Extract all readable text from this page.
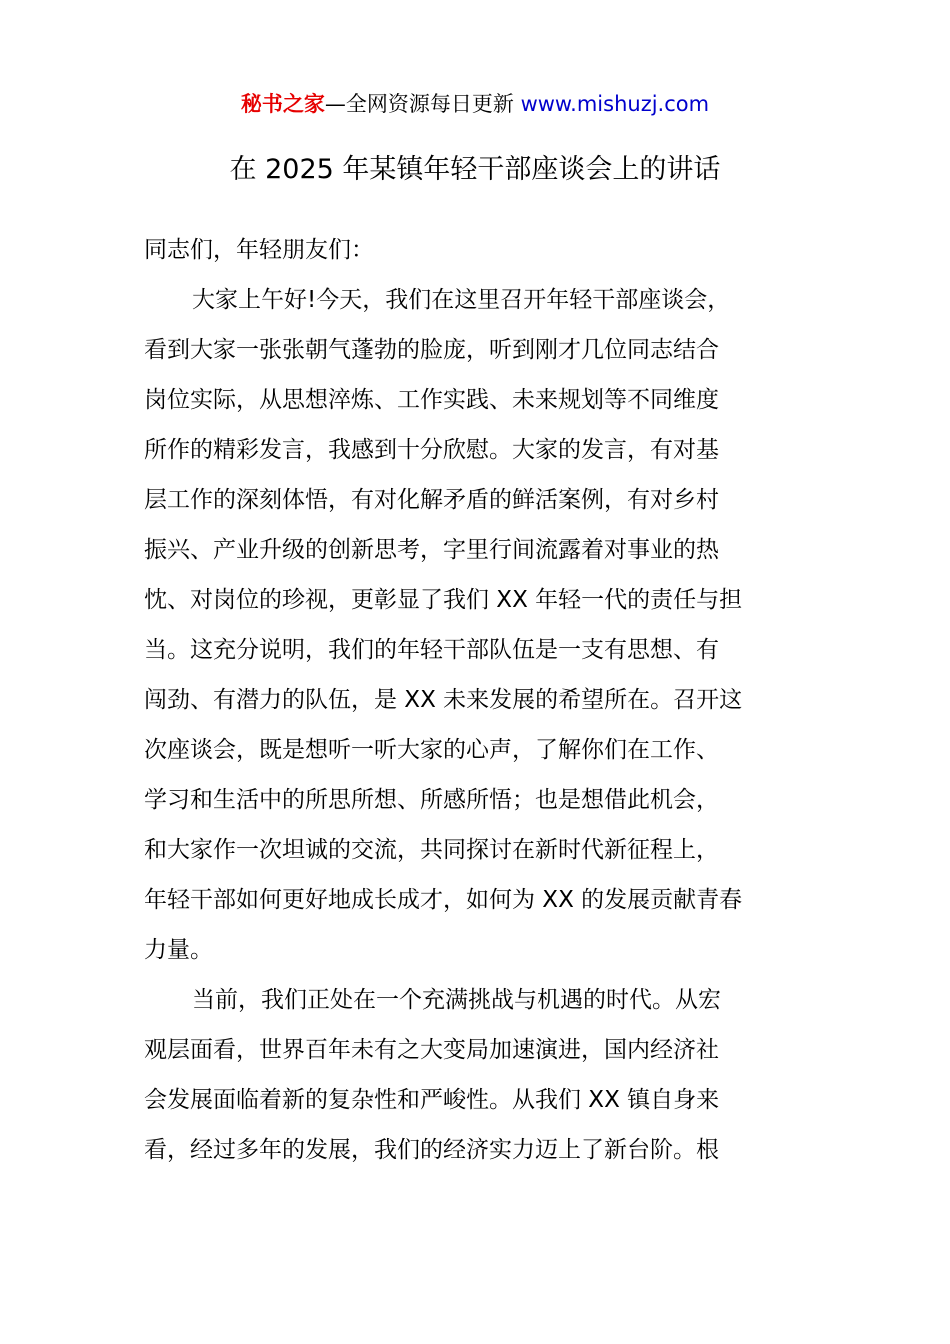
秘书之家—全网资源每日更新 www.mishuzj.com
在 2025 年某镇年轻干部座谈会上的讲话

同志们，年轻朋友们：

大家上午好!今天，我们在这里召开年轻干部座谈会，
看到大家一张张朝气蓬勃的脸庞，听到刚才几位同志结合
岗位实际，从思想淬炼、工作实践、未来规划等不同维度
所作的精彩发言，我感到十分欣慰。大家的发言，有对基
层工作的深刻体悟，有对化解矛盾的鲜活案例，有对乡村
振兴、产业升级的创新思考，字里行间流露着对事业的热
忱、对岗位的珍视，更彰显了我们 XX 年轻一代的责任与担
当。这充分说明，我们的年轻干部队伍是一支有思想、有
闯劲、有潜力的队伍，是 XX 未来发展的希望所在。召开这
次座谈会，既是想听一听大家的心声，了解你们在工作、
学习和生活中的所思所想、所感所悟；也是想借此机会，
和大家作一次坦诚的交流，共同探讨在新时代新征程上，
年轻干部如何更好地成长成才，如何为 XX 的发展贡献青春
力量。
当前，我们正处在一个充满挑战与机遇的时代。从宏
观层面看，世界百年未有之大变局加速演进，国内经济社
会发展面临着新的复杂性和严峻性。从我们 XX 镇自身来
看，经过多年的发展，我们的经济实力迈上了新台阶。根
